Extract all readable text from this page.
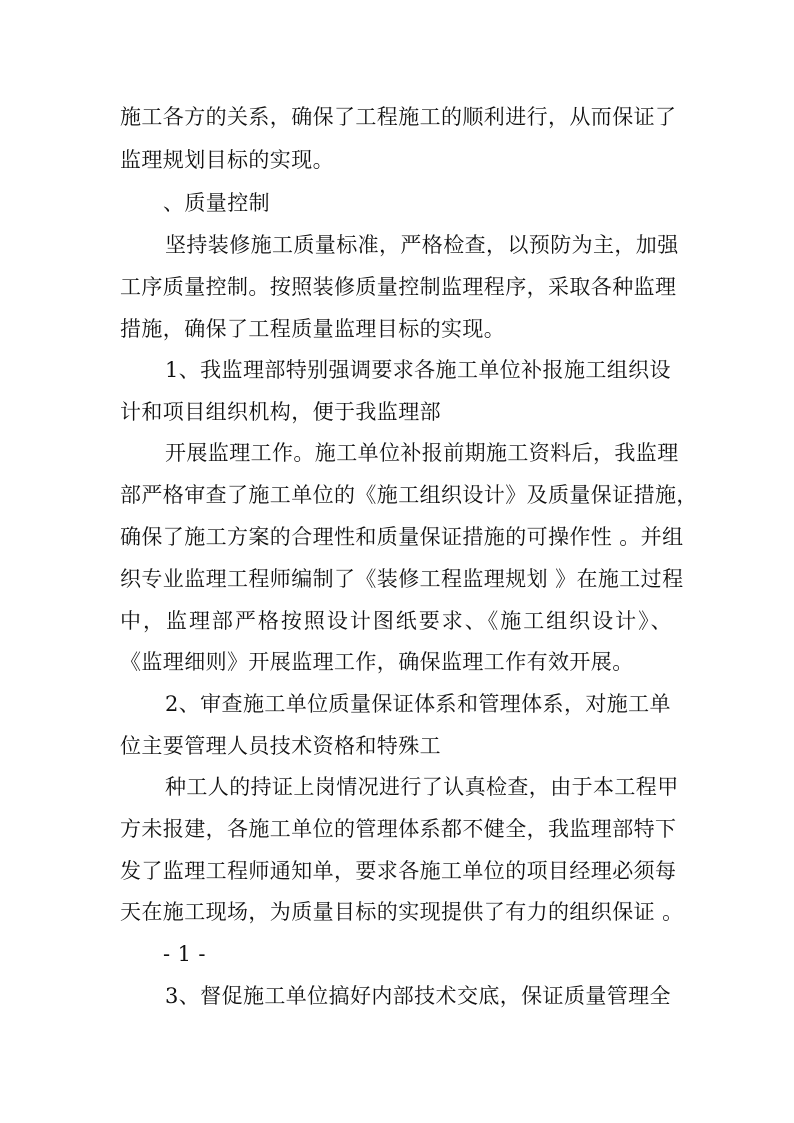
施工各方的关系，确保了工程施工的顺利进行，从而保证了
监理规划目标的实现。
、质量控制
坚持装修施工质量标准，严格检查，以预防为主，加强
工序质量控制。按照装修质量控制监理程序，采取各种监理
措施，确保了工程质量监理目标的实现。
1、我监理部特别强调要求各施工单位补报施工组织设
计和项目组织机构，便于我监理部
开展监理工作。施工单位补报前期施工资料后，我监理
部严格审查了施工单位的《施工组织设计》及质量保证措施，
确保了施工方案的合理性和质量保证措施的可操作性 。并组
织专业监理工程师编制了《装修工程监理规划 》在施工过程
中，监理部严格按照设计图纸要求、《施工组织设计》、
《监理细则》开展监理工作，确保监理工作有效开展。
2、审查施工单位质量保证体系和管理体系，对施工单
位主要管理人员技术资格和特殊工
种工人的持证上岗情况进行了认真检查，由于本工程甲
方未报建，各施工单位的管理体系都不健全，我监理部特下
发了监理工程师通知单，要求各施工单位的项目经理必须每
天在施工现场，为质量目标的实现提供了有力的组织保证 。
- 1 -
3、督促施工单位搞好内部技术交底，保证质量管理全
